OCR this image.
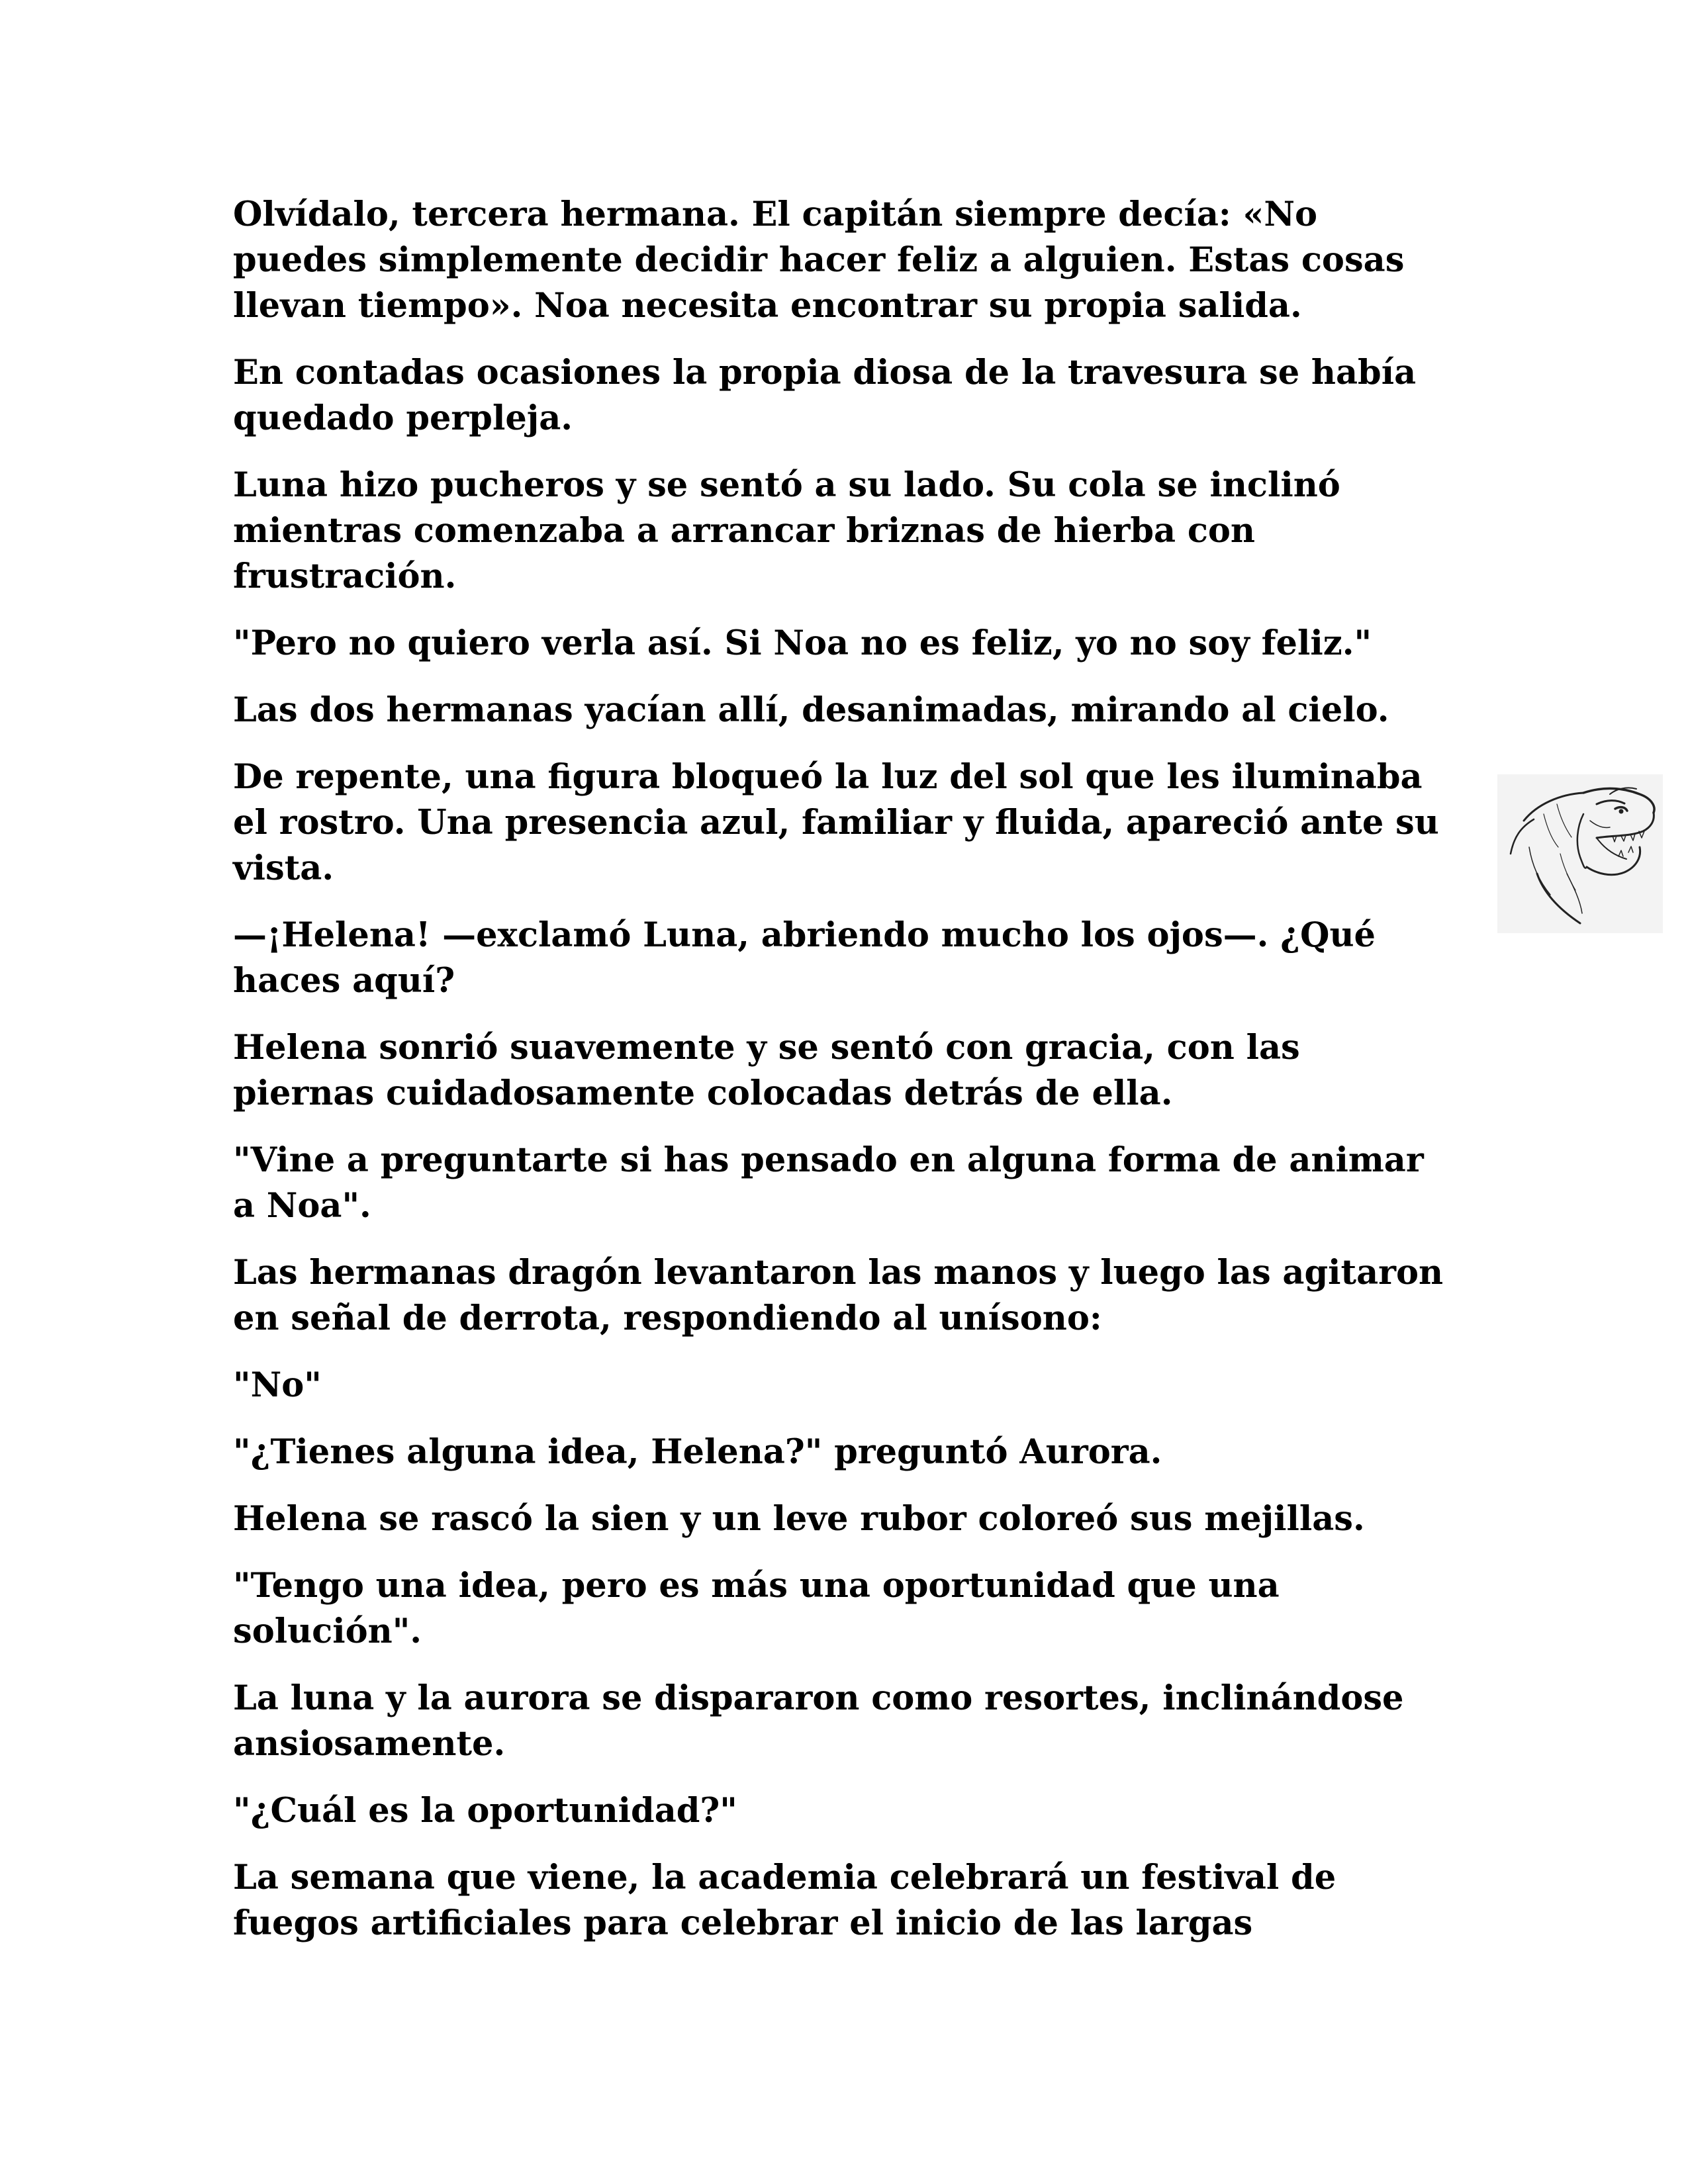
Olvídalo, tercera hermana. El capitán siempre decía: «No puedes simplemente decidir hacer feliz a alguien. Estas cosas llevan tiempo». Noa necesita encontrar su propia salida.

En contadas ocasiones la propia diosa de la travesura se había quedado perpleja.

Luna hizo pucheros y se sentó a su lado. Su cola se inclinó mientras comenzaba a arrancar briznas de hierba con frustración.

"Pero no quiero verla así. Si Noa no es feliz, yo no soy feliz."

Las dos hermanas yacían allí, desanimadas, mirando al cielo.

De repente, una figura bloqueó la luz del sol que les iluminaba el rostro. Una presencia azul, familiar y fluida, apareció ante su vista.

—¡Helena! —exclamó Luna, abriendo mucho los ojos—. ¿Qué haces aquí?

Helena sonrió suavemente y se sentó con gracia, con las piernas cuidadosamente colocadas detrás de ella.

"Vine a preguntarte si has pensado en alguna forma de animar a Noa".

Las hermanas dragón levantaron las manos y luego las agitaron en señal de derrota, respondiendo al unísono:

"No"

"¿Tienes alguna idea, Helena?" preguntó Aurora.

Helena se rascó la sien y un leve rubor coloreó sus mejillas.

"Tengo una idea, pero es más una oportunidad que una solución".

La luna y la aurora se dispararon como resortes, inclinándose ansiosamente.

"¿Cuál es la oportunidad?"

La semana que viene, la academia celebrará un festival de fuegos artificiales para celebrar el inicio de las largas
